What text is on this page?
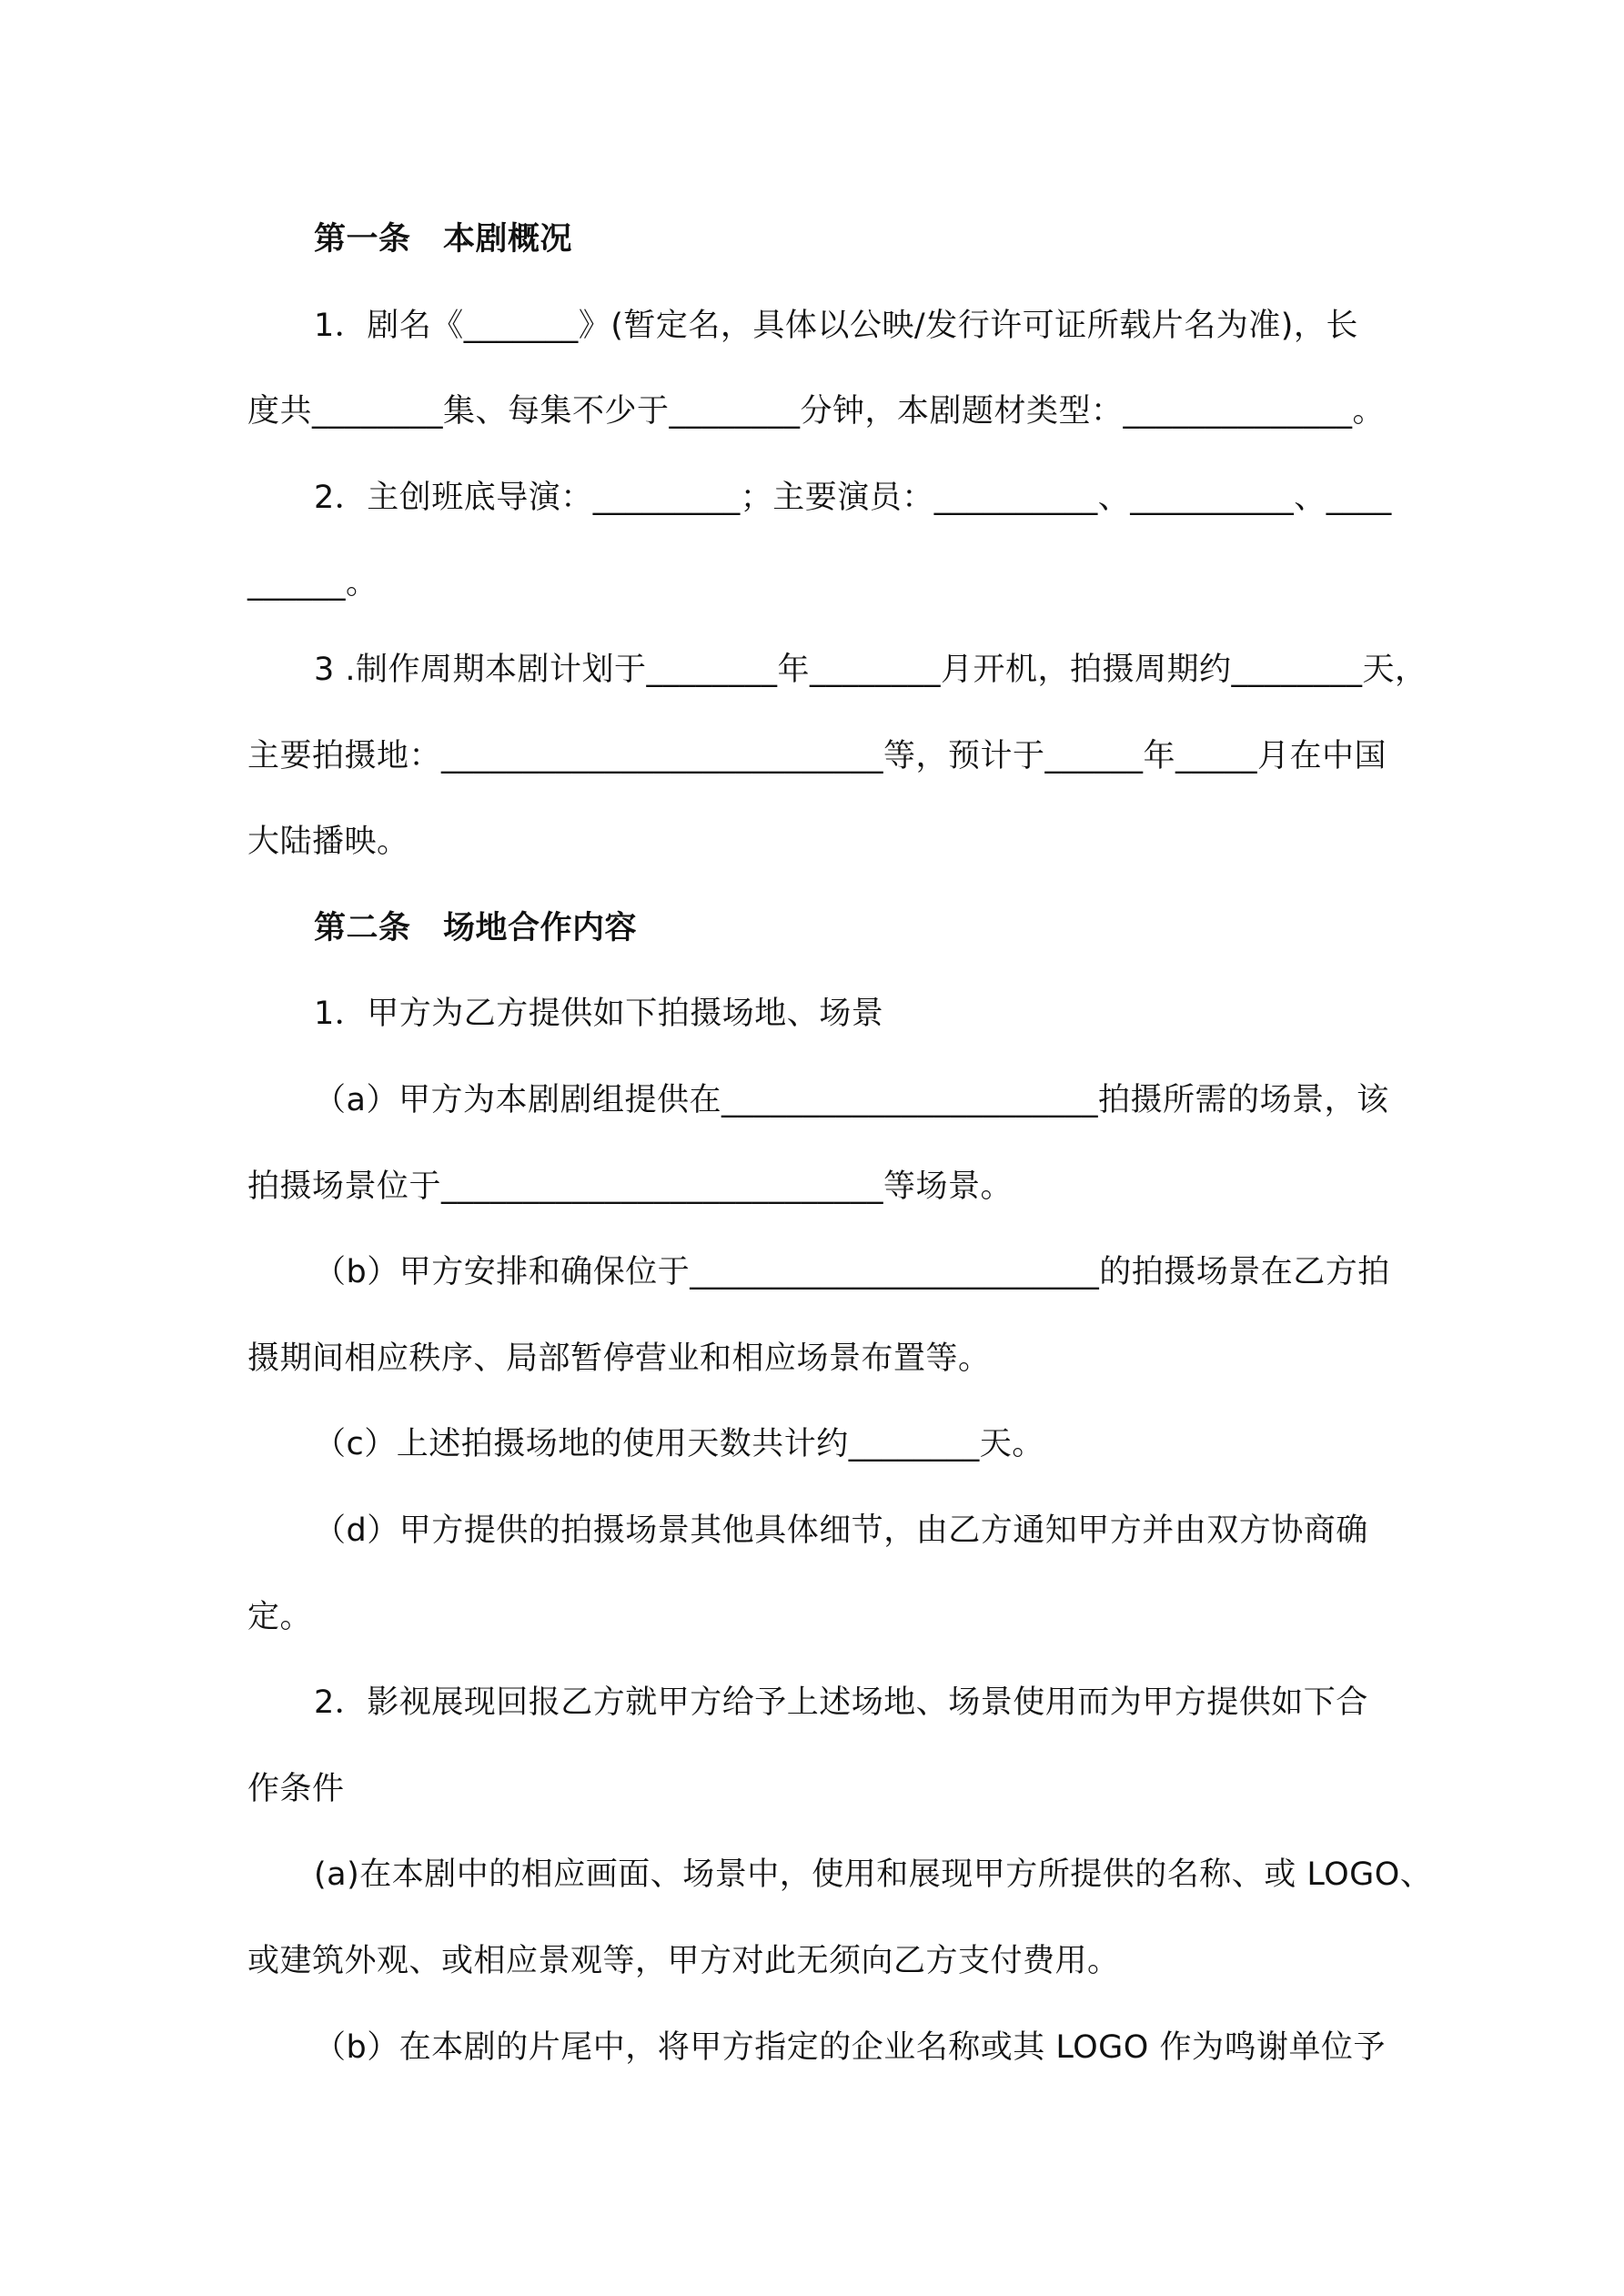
第一条　本剧概况
1．剧名《_______》(暂定名，具体以公映/发行许可证所载片名为准)，长
度共________集、每集不少于________分钟，本剧题材类型：______________。
2．主创班底导演：_________；主要演员：__________、__________、____
______。
3 .制作周期本剧计划于________年________月开机，拍摄周期约________天，
主要拍摄地：___________________________等，预计于______年_____月在中国
大陆播映。
第二条　场地合作内容
1．甲方为乙方提供如下拍摄场地、场景
（a）甲方为本剧剧组提供在_______________________拍摄所需的场景，该
拍摄场景位于___________________________等场景。
（b）甲方安排和确保位于_________________________的拍摄场景在乙方拍
摄期间相应秩序、局部暂停营业和相应场景布置等。
（c）上述拍摄场地的使用天数共计约________天。
（d）甲方提供的拍摄场景其他具体细节，由乙方通知甲方并由双方协商确
定。
2．影视展现回报乙方就甲方给予上述场地、场景使用而为甲方提供如下合
作条件
(a)在本剧中的相应画面、场景中，使用和展现甲方所提供的名称、或 LOGO、
或建筑外观、或相应景观等，甲方对此无须向乙方支付费用。
（b）在本剧的片尾中，将甲方指定的企业名称或其 LOGO 作为鸣谢单位予
